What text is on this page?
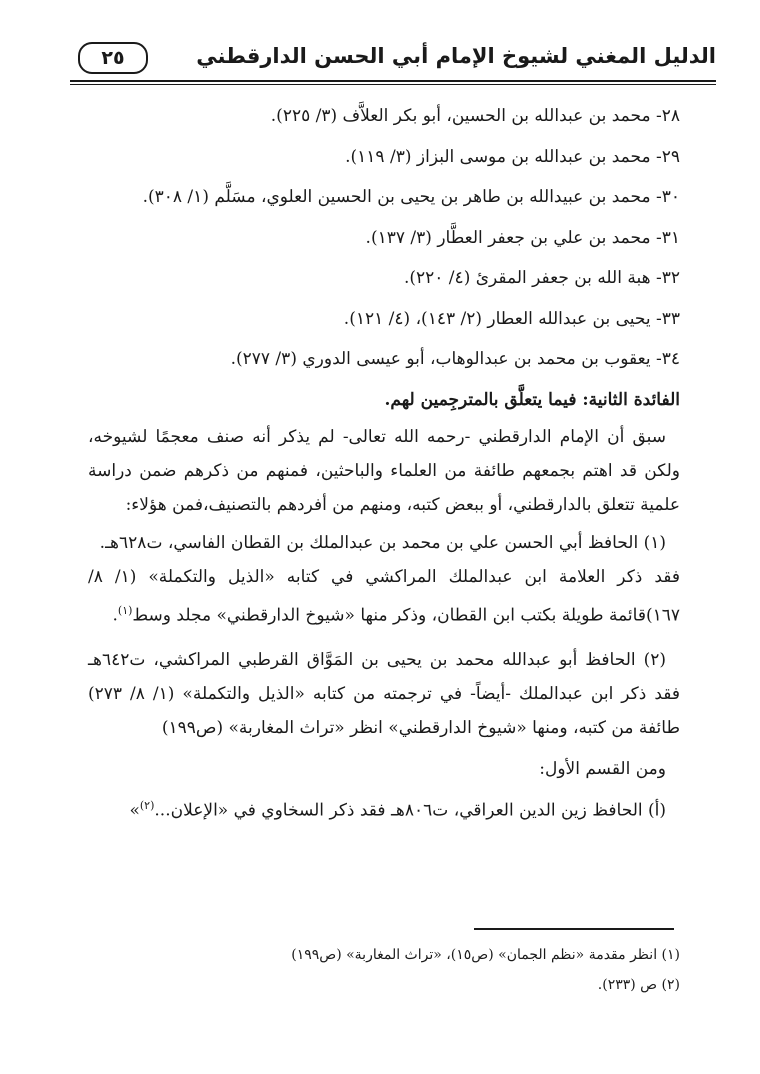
الدليل المغني لشيوخ الإمام أبي الحسن الدارقطني
٢٥
٢٨- محمد بن عبدالله بن الحسين، أبو بكر العلاَّف (٣/ ٢٢٥).
٢٩- محمد بن عبدالله بن موسى البزاز (٣/ ١١٩).
٣٠- محمد بن عبيدالله بن طاهر بن يحيى بن الحسين العلوي، مسَلَّم (١/ ٣٠٨).
٣١- محمد بن علي بن جعفر العطَّار (٣/ ١٣٧).
٣٢- هبة الله بن جعفر المقرئ (٤/ ٢٢٠).
٣٣- يحيى بن عبدالله العطار (٢/ ١٤٣)، (٤/ ١٢١).
٣٤- يعقوب بن محمد بن عبدالوهاب، أبو عيسى الدوري (٣/ ٢٧٧).
الفائدة الثانية: فيما يتعلَّق بالمترجِمين لهم.

سبق أن الإمام الدارقطني -رحمه الله تعالى- لم يذكر أنه صنف معجمًا لشيوخه، ولكن قد اهتم بجمعهم طائفة من العلماء والباحثين، فمنهم من ذكرهم ضمن دراسة علمية تتعلق بالدارقطني، أو ببعض كتبه، ومنهم من أفردهم بالتصنيف،فمن هؤلاء:

(١) الحافظ أبي الحسن علي بن محمد بن عبدالملك بن القطان الفاسي، ت٦٢٨هـ.

فقد ذكر العلامة ابن عبدالملك المراكشي في كتابه «الذيل والتكملة» (١/ ٨/ ١٦٧)قائمة طويلة بكتب ابن القطان، وذكر منها «شيوخ الدارقطني» مجلد وسط$^{(١)}$.

(٢) الحافظ أبو عبدالله محمد بن يحيى بن المَوَّاق القرطبي المراكشي، ت٦٤٢هـ فقد ذكر ابن عبدالملك -أيضاً- في ترجمته من كتابه «الذيل والتكملة» (١/ ٨/ ٢٧٣) طائفة من كتبه، ومنها «شيوخ الدارقطني» انظر «تراث المغاربة» (ص١٩٩)

ومن القسم الأول:

(أ) الحافظ زين الدين العراقي، ت٨٠٦هـ فقد ذكر السخاوي في «الإعلان...$^{(٢)}$»

(١) انظر مقدمة «نظم الجمان» (ص١٥)، «تراث المغاربة» (ص١٩٩)
(٢) ص (٢٣٣).
